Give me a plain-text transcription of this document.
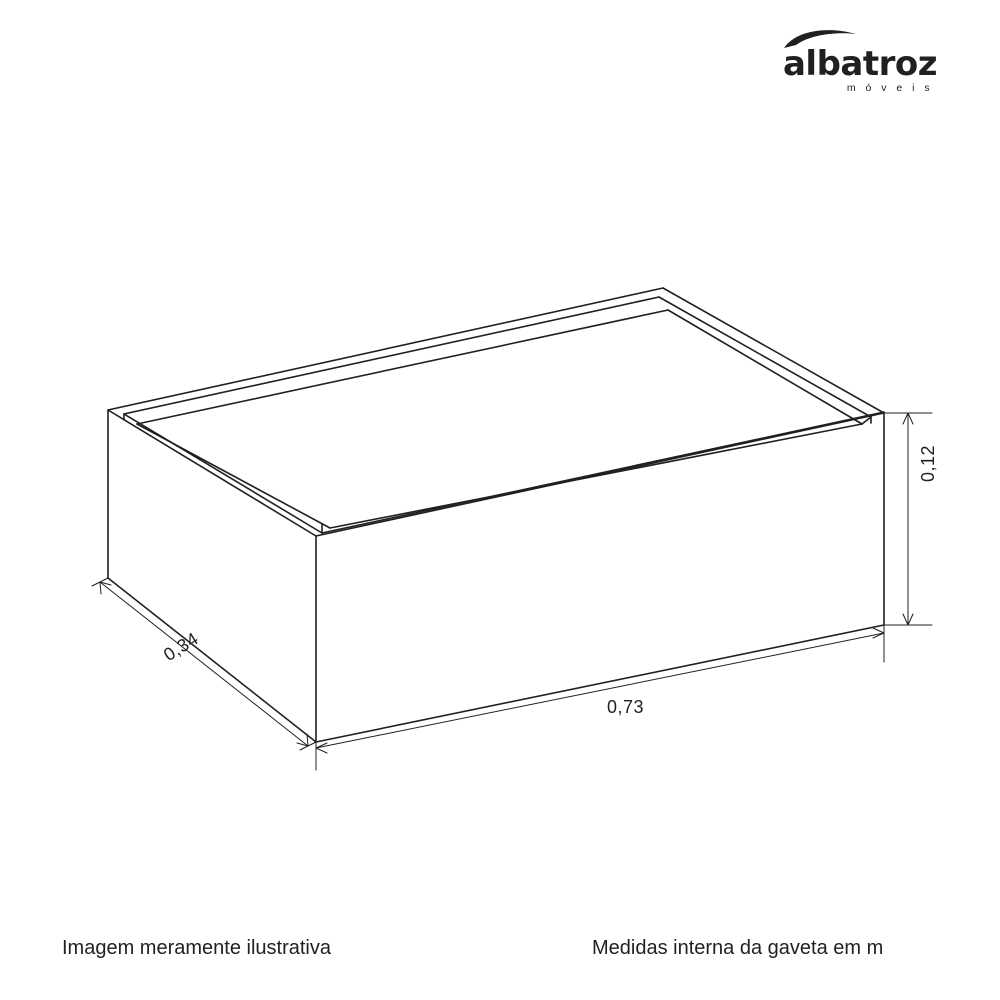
albatroz
m ó v e i s
0,12
0,34
0,73
Imagem meramente ilustrativa	Medidas interna da gaveta em m
